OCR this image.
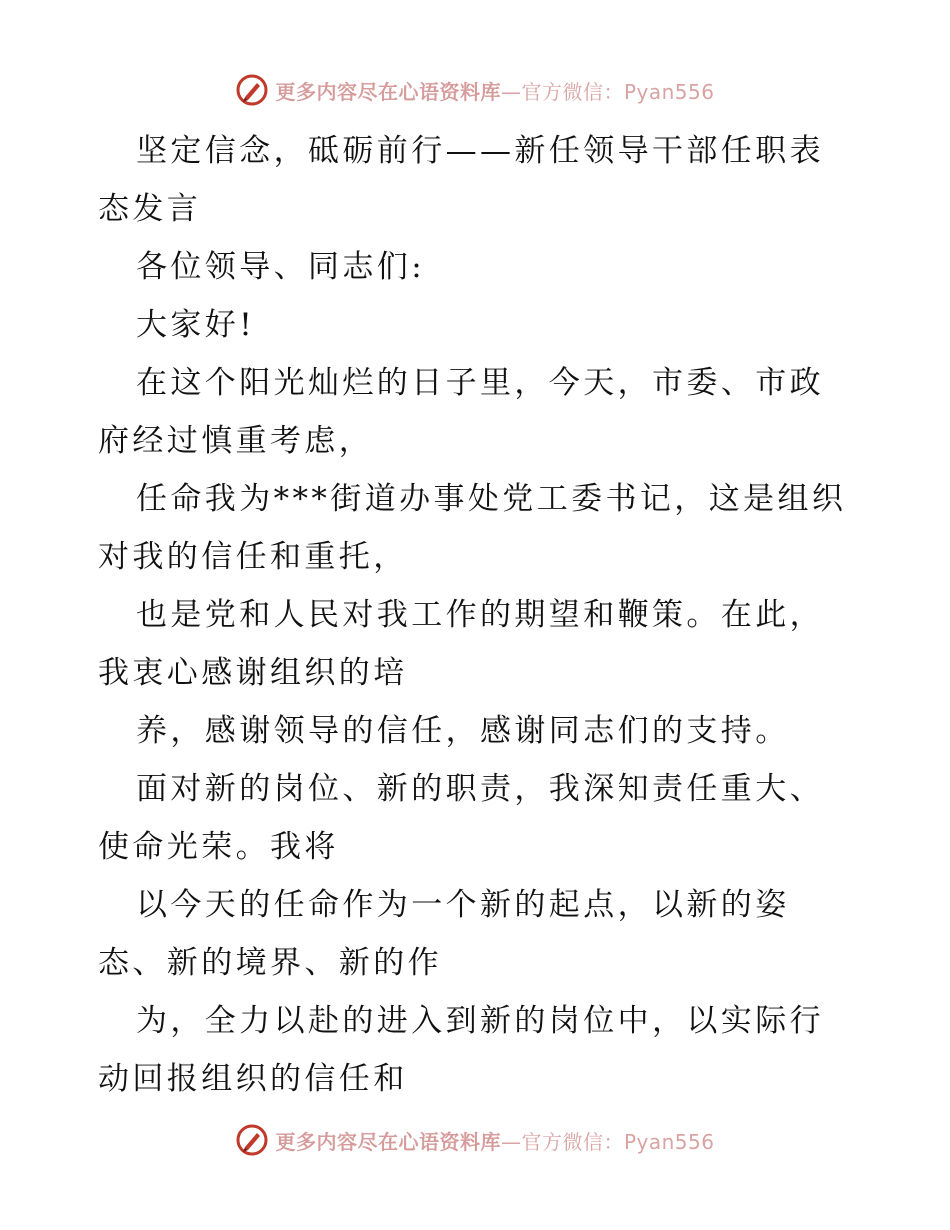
更多内容尽在心语资料库—官方微信：Pyan556

坚定信念，砥砺前行——新任领导干部任职表态发言

各位领导、同志们:

大家好!

在这个阳光灿烂的日子里，今天，市委、市政府经过慎重考虑，

任命我为***街道办事处党工委书记，这是组织对我的信任和重托，

也是党和人民对我工作的期望和鞭策。在此，我衷心感谢组织的培

养，感谢领导的信任，感谢同志们的支持。

面对新的岗位、新的职责，我深知责任重大、使命光荣。我将

以今天的任命作为一个新的起点，以新的姿态、新的境界、新的作

为，全力以赴的进入到新的岗位中，以实际行动回报组织的信任和

更多内容尽在心语资料库—官方微信：Pyan556
